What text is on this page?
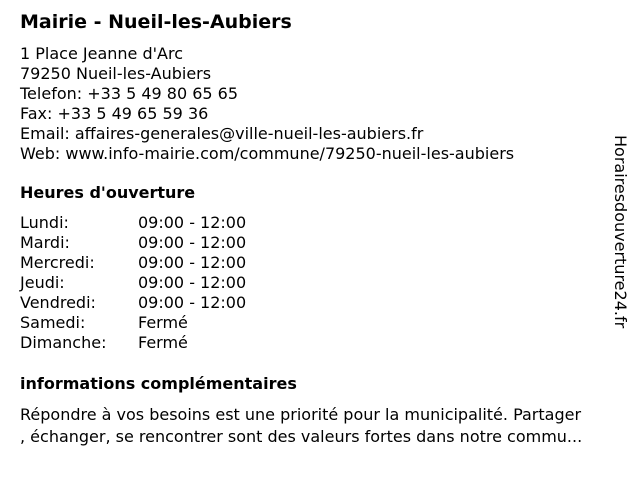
Mairie - Nueil-les-Aubiers
1 Place Jeanne d'Arc
79250 Nueil-les-Aubiers
Telefon: +33 5 49 80 65 65
Fax: +33 5 49 65 59 36
Email: affaires-generales@ville-nueil-les-aubiers.fr
Web: www.info-mairie.com/commune/79250-nueil-les-aubiers
Heures d'ouverture
Lundi:	09:00 - 12:00
Mardi:	09:00 - 12:00
Mercredi:	09:00 - 12:00
Jeudi:	09:00 - 12:00
Vendredi:	09:00 - 12:00
Samedi:	Fermé
Dimanche: Fermé
informations complémentaires
Répondre à vos besoins est une priorité pour la municipalité. Partager
, échanger, se rencontrer sont des valeurs fortes dans notre commu...
Horairesdouverture24.fr
